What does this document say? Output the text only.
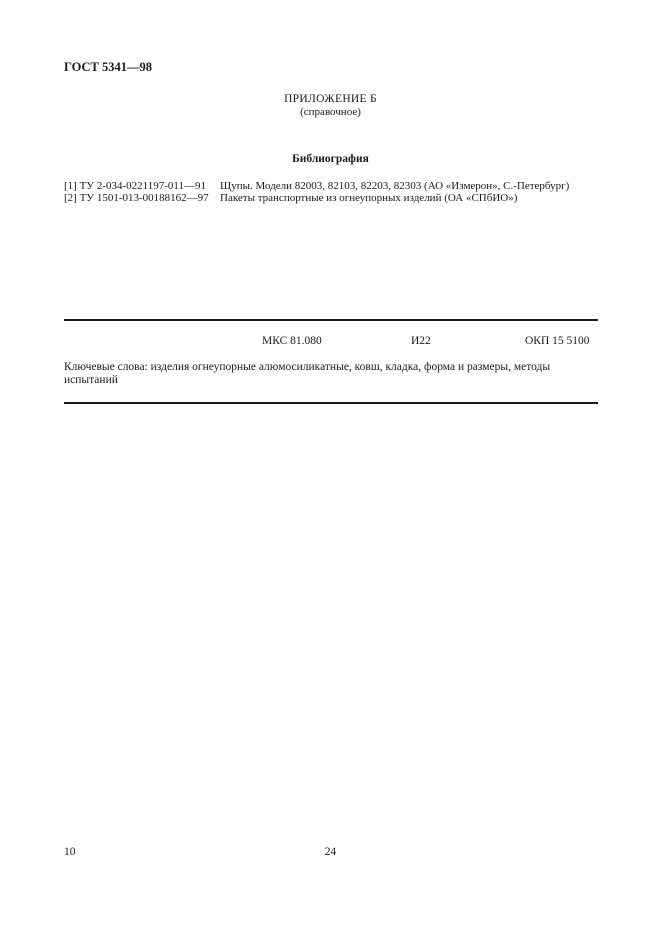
ГОСТ 5341—98
ПРИЛОЖЕНИЕ Б
(справочное)
Библиография
[1] ТУ 2-034-0221197-011—91 Щупы. Модели 82003, 82103, 82203, 82303 (АО «Измерон», С.-Петербург)
[2] ТУ 1501-013-00188162—97 Пакеты транспортные из огнеупорных изделий (ОА «СПбИО»)
МКС 81.080	И22	ОКП 15 5100
Ключевые слова: изделия огнеупорные алюмосиликатные, ковш, кладка, форма и размеры, методы испытаний
10	24
